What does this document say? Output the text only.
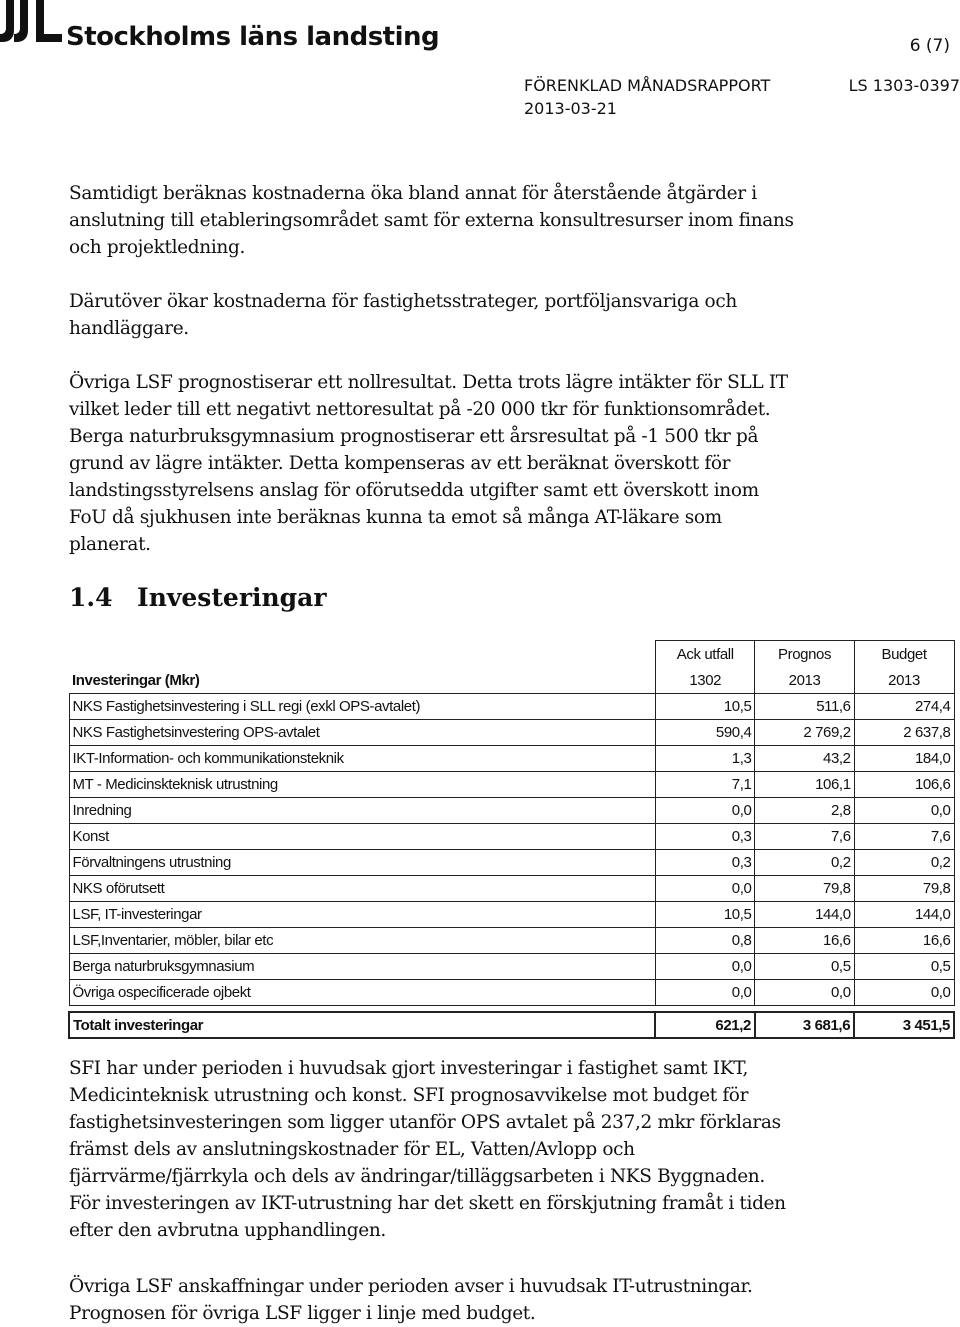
Stockholms läns landsting	6 (7)
FÖRENKLAD MÅNADSRAPPORT	LS 1303-0397
2013-03-21

Samtidigt beräknas kostnaderna öka bland annat för återstående åtgärder i anslutning till etableringsområdet samt för externa konsultresurser inom finans och projektledning.

Därutöver ökar kostnaderna för fastighetsstrateger, portföljansvariga och handläggare.

Övriga LSF prognostiserar ett nollresultat. Detta trots lägre intäkter för SLL IT vilket leder till ett negativt nettoresultat på -20 000 tkr för funktionsområdet. Berga naturbruksgymnasium prognostiserar ett årsresultat på -1 500 tkr på grund av lägre intäkter. Detta kompenseras av ett beräknat överskott för landstingsstyrelsens anslag för oförutsedda utgifter samt ett överskott inom FoU då sjukhusen inte beräknas kunna ta emot så många AT-läkare som planerat.

1.4 Investeringar
	Ack utfall	Prognos	Budget
Investeringar (Mkr)	1302	2013	2013
NKS Fastighetsinvestering i SLL regi (exkl OPS-avtalet)	10,5	511,6	274,4
NKS Fastighetsinvestering OPS-avtalet	590,4	2 769,2	2 637,8
IKT-Information- och kommunikationsteknik	1,3	43,2	184,0
MT - Medicinskteknisk utrustning	7,1	106,1	106,6
Inredning	0,0	2,8	0,0
Konst	0,3	7,6	7,6
Förvaltningens utrustning	0,3	0,2	0,2
NKS oförutsett	0,0	79,8	79,8
LSF, IT-investeringar	10,5	144,0	144,0
LSF,Inventarier, möbler, bilar etc	0,8	16,6	16,6
Berga naturbruksgymnasium	0,0	0,5	0,5
Övriga ospecificerade ojbekt	0,0	0,0	0,0

Totalt investeringar	621,2	3 681,6	3 451,5

SFI har under perioden i huvudsak gjort investeringar i fastighet samt IKT, Medicinteknisk utrustning och konst. SFI prognosavvikelse mot budget för fastighetsinvesteringen som ligger utanför OPS avtalet på 237,2 mkr förklaras främst dels av anslutningskostnader för EL, Vatten/Avlopp och fjärrvärme/fjärrkyla och dels av ändringar/tilläggsarbeten i NKS Byggnaden. För investeringen av IKT-utrustning har det skett en förskjutning framåt i tiden efter den avbrutna upphandlingen.

Övriga LSF anskaffningar under perioden avser i huvudsak IT-utrustningar. Prognosen för övriga LSF ligger i linje med budget.
